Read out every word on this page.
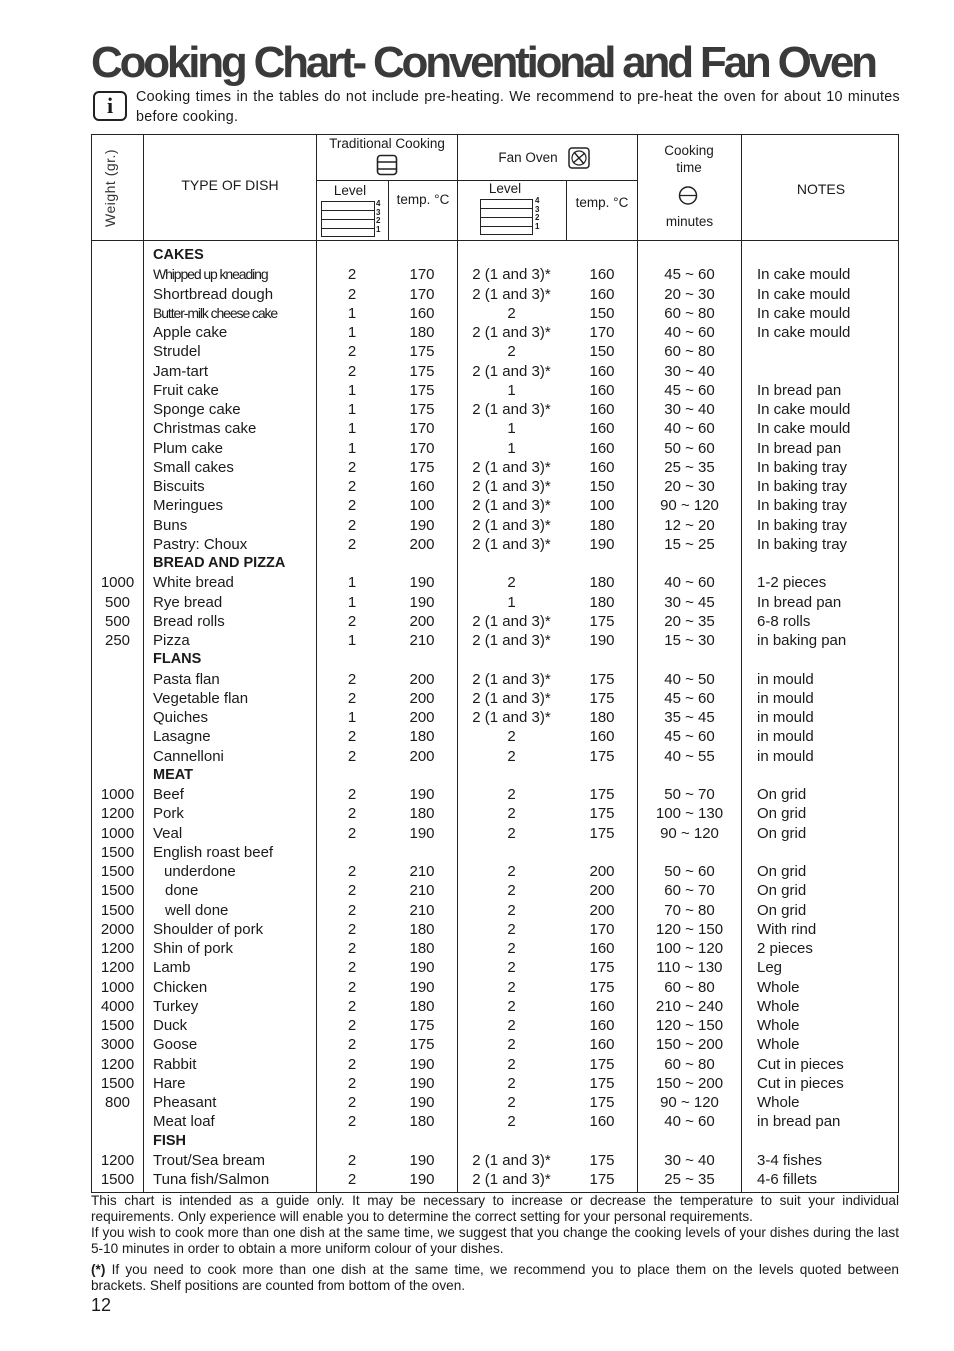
Cooking Chart- Conventional and Fan Oven
i	Cooking times in the tables do not include pre-heating. We recommend to pre-heat the oven for about 10 minutes before cooking.
Weight (gr.)	TYPE OF DISH
Traditional Cooking
Level
4
3
2
1
temp. °C
Fan Oven
Level
4
3
2
1
temp. °C
Cooking time
minutes
NOTES
CAKES
Whipped up kneading	2	170	2 (1 and 3)*	160	45 ~ 60	In cake mould
Shortbread dough	2	170	2 (1 and 3)*	160	20 ~ 30	In cake mould
Butter-milk cheese cake	1	160	2	150	60 ~ 80	In cake mould
Apple cake	1	180	2 (1 and 3)*	170	40 ~ 60	In cake mould
Strudel	2	175	2	150	60 ~ 80
Jam-tart	2	175	2 (1 and 3)*	160	30 ~ 40
Fruit cake	1	175	1	160	45 ~ 60	In bread pan
Sponge cake	1	175	2 (1 and 3)*	160	30 ~ 40	In cake mould
Christmas cake	1	170	1	160	40 ~ 60	In cake mould
Plum cake	1	170	1	160	50 ~ 60	In bread pan
Small cakes	2	175	2 (1 and 3)*	160	25 ~ 35	In baking tray
Biscuits	2	160	2 (1 and 3)*	150	20 ~ 30	In baking tray
Meringues	2	100	2 (1 and 3)*	100	90 ~ 120	In baking tray
Buns	2	190	2 (1 and 3)*	180	12 ~ 20	In baking tray
Pastry: Choux	2	200	2 (1 and 3)*	190	15 ~ 25	In baking tray
BREAD AND PIZZA
1000	White bread	1	190	2	180	40 ~ 60	1-2 pieces
500	Rye bread	1	190	1	180	30 ~ 45	In bread pan
500	Bread rolls	2	200	2 (1 and 3)*	175	20 ~ 35	6-8 rolls
250	Pizza	1	210	2 (1 and 3)*	190	15 ~ 30	in baking pan
FLANS
Pasta flan	2	200	2 (1 and 3)*	175	40 ~ 50	in mould
Vegetable flan	2	200	2 (1 and 3)*	175	45 ~ 60	in mould
Quiches	1	200	2 (1 and 3)*	180	35 ~ 45	in mould
Lasagne	2	180	2	160	45 ~ 60	in mould
Cannelloni	2	200	2	175	40 ~ 55	in mould
MEAT
1000	Beef	2	190	2	175	50 ~ 70	On grid
1200	Pork	2	180	2	175	100 ~ 130	On grid
1000	Veal	2	190	2	175	90 ~ 120	On grid
1500	English roast beef
1500	underdone	2	210	2	200	50 ~ 60	On grid
1500	done	2	210	2	200	60 ~ 70	On grid
1500	well done	2	210	2	200	70 ~ 80	On grid
2000	Shoulder of pork	2	180	2	170	120 ~ 150	With rind
1200	Shin of pork	2	180	2	160	100 ~ 120	2 pieces
1200	Lamb	2	190	2	175	110 ~ 130	Leg
1000	Chicken	2	190	2	175	60 ~ 80	Whole
4000	Turkey	2	180	2	160	210 ~ 240	Whole
1500	Duck	2	175	2	160	120 ~ 150	Whole
3000	Goose	2	175	2	160	150 ~ 200	Whole
1200	Rabbit	2	190	2	175	60 ~ 80	Cut in pieces
1500	Hare	2	190	2	175	150 ~ 200	Cut in pieces
800	Pheasant	2	190	2	175	90 ~ 120	Whole
Meat loaf	2	180	2	160	40 ~ 60	in bread pan
FISH
1200	Trout/Sea bream	2	190	2 (1 and 3)*	175	30 ~ 40	3-4 fishes
1500	Tuna fish/Salmon	2	190	2 (1 and 3)*	175	25 ~ 35	4-6 fillets
This chart is intended as a guide only. It may be necessary to increase or decrease the temperature to suit your individual requirements. Only experience will enable you to determine the correct setting for your personal requirements.
If you wish to cook more than one dish at the same time, we suggest that you change the cooking levels of your dishes during the last 5-10 minutes in order to obtain a more uniform colour of your dishes.
(*) If you need to cook more than one dish at the same time, we recommend you to place them on the levels quoted between brackets. Shelf positions are counted from bottom of the oven.
12
